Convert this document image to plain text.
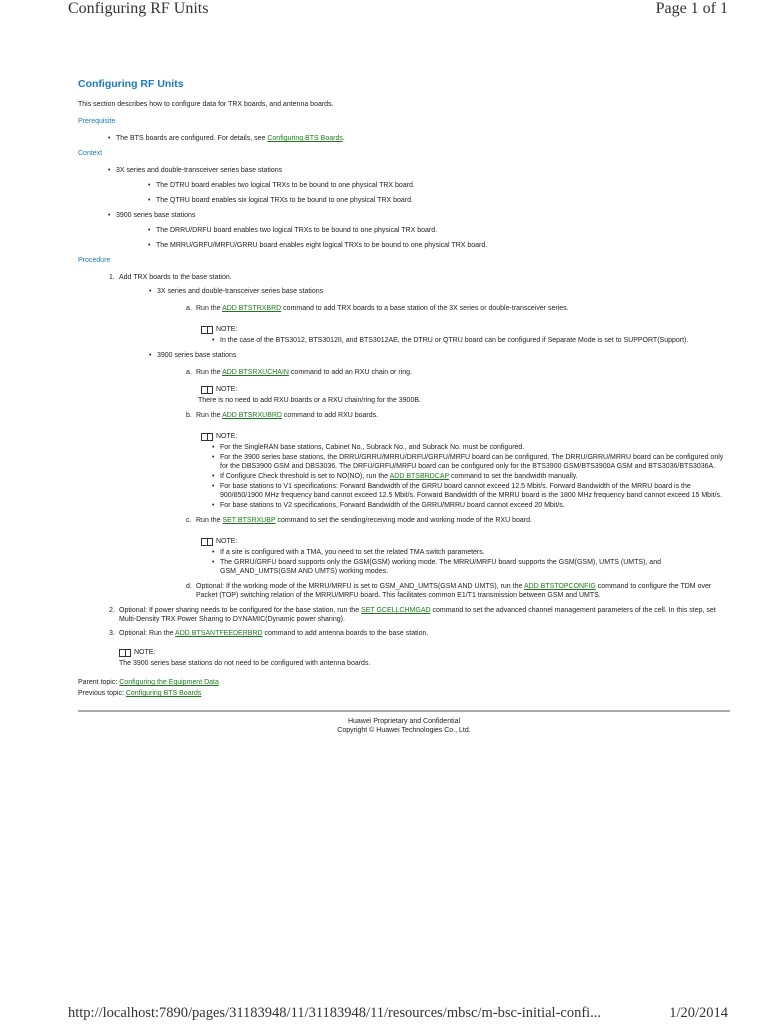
Configuring RF Units	Page 1 of 1
Configuring RF Units
This section describes how to configure data for TRX boards, and antenna boards.
Prerequisite
• The BTS boards are configured. For details, see Configuring BTS Boards.
Context
• 3X series and double-transceiver series base stations
• The DTRU board enables two logical TRXs to be bound to one physical TRX board.
• The QTRU board enables six logical TRXs to be bound to one physical TRX board.
• 3900 series base stations
• The DRRU/DRFU board enables two logical TRXs to be bound to one physical TRX board.
• The MRRU/GRFU/MRFU/GRRU board enables eight logical TRXs to be bound to one physical TRX board.
Procedure
1. Add TRX boards to the base station.
• 3X series and double-transceiver series base stations
a. Run the ADD BTSTRXBRD command to add TRX boards to a base station of the 3X series or double-transceiver series.
NOTE:
• In the case of the BTS3012, BTS3012II, and BTS3012AE, the DTRU or QTRU board can be configured if Separate Mode is set to SUPPORT(Support).
• 3900 series base stations
a. Run the ADD BTSRXUCHAIN command to add an RXU chain or ring.
NOTE:
There is no need to add RXU boards or a RXU chain/ring for the 3900B.
b. Run the ADD BTSRXUBRD command to add RXU boards.
NOTE:
• For the SingleRAN base stations, Cabinet No., Subrack No., and Subrack No. must be configured.
• For the 3900 series base stations, the DRRU/GRRU/MRRU/DRFU/GRFU/MRFU board can be configured. The DRRU/GRRU/MRRU board can be configured only for the DBS3900 GSM and DBS3036. The DRFU/GRFU/MRFU board can be configured only for the BTS3900 GSM/BTS3900A GSM and BTS3036/BTS3036A.
• If Configure Check threshold is set to NO(NO), run the ADD BTSBRDCAP command to set the bandwidth manually.
• For base stations to V1 specifications: Forward Bandwidth of the GRRU board cannot exceed 12.5 Mbit/s. Forward Bandwidth of the MRRU board is the 900/850/1900 MHz frequency band cannot exceed 12.5 Mbit/s. Forward Bandwidth of the MRRU board is the 1800 MHz frequency band cannot exceed 15 Mbit/s.
• For base stations to V2 specifications, Forward Bandwidth of the GRRU/MRRU board cannot exceed 20 Mbit/s.
c. Run the SET BTSRXUBP command to set the sending/receiving mode and working mode of the RXU board.
NOTE:
• If a site is configured with a TMA, you need to set the related TMA switch parameters.
• The GRRU/GRFU board supports only the GSM(GSM) working mode. The MRRU/MRFU board supports the GSM(GSM), UMTS (UMTS), and GSM_AND_UMTS(GSM AND UMTS) working modes.
d. Optional: If the working mode of the MRRU/MRFU is set to GSM_AND_UMTS(GSM AND UMTS), run the ADD BTSTOPCONFIG command to configure the TDM over Packet (TOP) switching relation of the MRRU/MRFU board. This facilitates common E1/T1 transmission between GSM and UMTS.
2. Optional: If power sharing needs to be configured for the base station, run the SET GCELLCHMGAD command to set the advanced channel management parameters of the cell. In this step, set Multi-Density TRX Power Sharing to DYNAMIC(Dynamic power sharing).
3. Optional: Run the ADD BTSANTFEEDERBRD command to add antenna boards to the base station.
NOTE:
The 3900 series base stations do not need to be configured with antenna boards.
Parent topic: Configuring the Equipment Data
Previous topic: Configuring BTS Boards
Huawei Proprietary and Confidential
Copyright © Huawei Technologies Co., Ltd.
http://localhost:7890/pages/31183948/11/31183948/11/resources/mbsc/m-bsc-initial-confi...	1/20/2014
